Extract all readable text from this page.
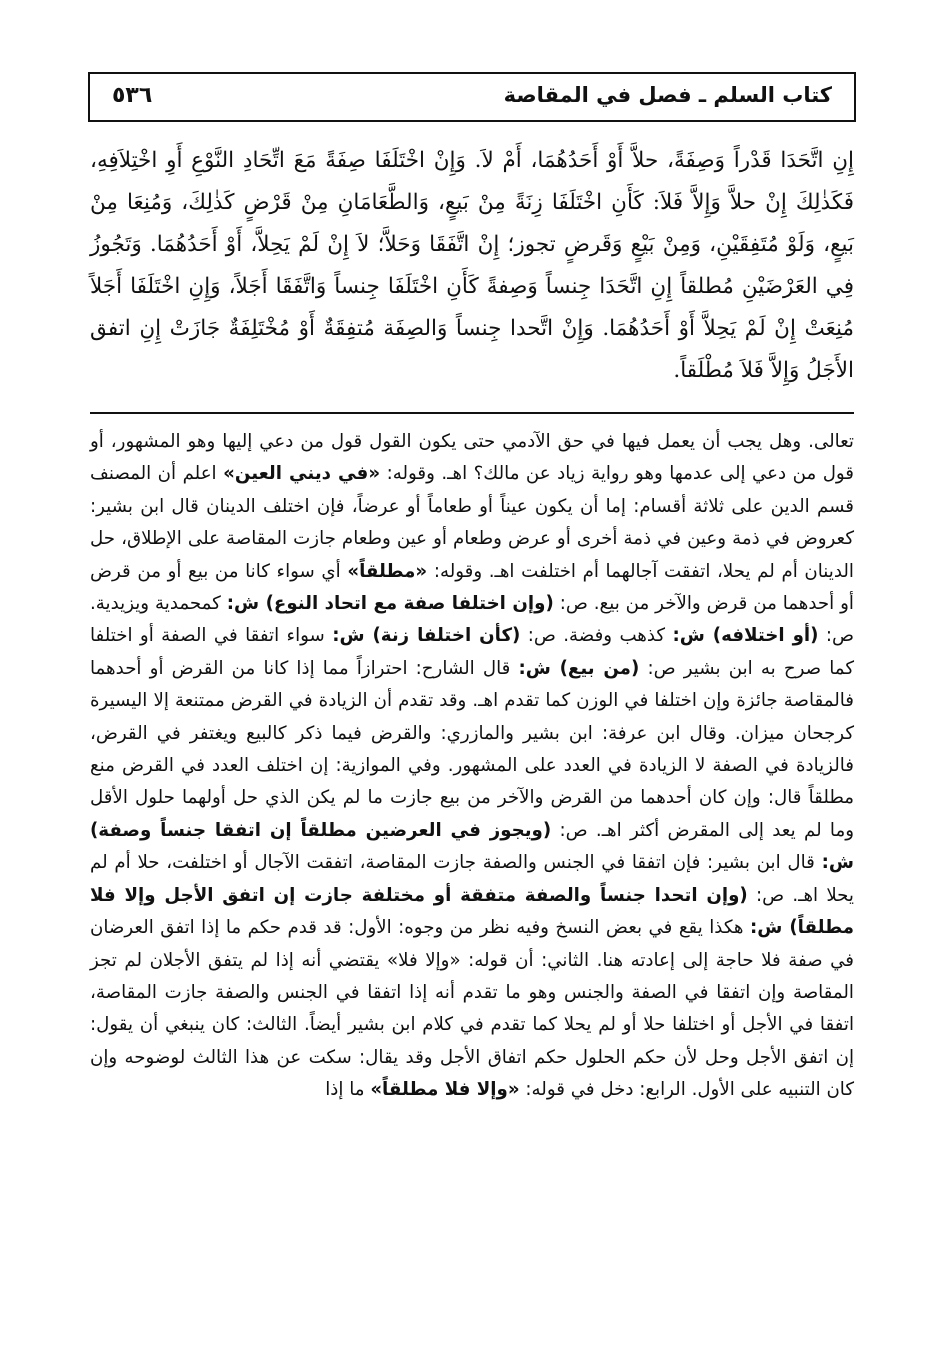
كتاب السلم ـ فصل في المقاصة
٥٣٦

إِنِ اتَّحَدَا قَدْراً وَصِفَةً، حلاَّ أَوْ أَحَدُهُمَا، أَمْ لاَ. وَإِنْ اخْتَلَفَا صِفَةً مَعَ اتِّحَادِ النَّوْعِ أَوِ اخْتِلاَفِهِ، فَكَذٰلِكَ إِنْ حلاَّ وَإِلاَّ فَلاَ: كَأَنِ اخْتَلَفَا زِنَةً مِنْ بَيعٍ، وَالطَّعَامَانِ مِنْ قَرْضٍ كَذٰلِكَ، وَمُنِعَا مِنْ بَيعٍ، وَلَوْ مُتَفِقَيْنِ، وَمِنْ بَيْعٍ وَقَرضٍ تجوز؛ إِنْ اتَّفَقَا وَحَلاَّ؛ لاَ إِنْ لَمْ يَحِلاَّ، أَوْ أَحَدُهُمَا. وَتَجُوزُ فِي العَرْضَيْنِ مُطلقاً إِنِ اتَّحَدَا جِنساً وَصِفةً كَأَنِ اخْتَلَفَا جِنساً وَاتَّفَقَا أَجَلاً، وَإِنِ اخْتَلَفَا أَجَلاً مُنِعَتْ إِنْ لَمْ يَحِلاَّ أَوْ أَحَدُهُمَا. وَإِنْ اتَّحدا جِنساً وَالصِفَة مُتفِقَةٌ أَوْ مُخْتَلِفَةٌ جَازَتْ إِنِ اتفق الأَجَلُ وَإِلاَّ فَلاَ مُطْلَقاً.

تعالى. وهل يجب أن يعمل فيها في حق الآدمي حتى يكون القول قول من دعي إليها وهو المشهور، أو قول من دعي إلى عدمها وهو رواية زياد عن مالك؟ اهـ. وقوله: «في ديني العين» اعلم أن المصنف قسم الدين على ثلاثة أقسام: إما أن يكون عيناً أو طعاماً أو عرضاً، فإن اختلف الدينان قال ابن بشير: كعروض في ذمة وعين في ذمة أخرى أو عرض وطعام أو عين وطعام جازت المقاصة على الإطلاق، حل الدينان أم لم يحلا، اتفقت آجالهما أم اختلفت اهـ. وقوله: «مطلقاً» أي سواء كانا من بيع أو من قرض أو أحدهما من قرض والآخر من بيع. ص: (وإن اختلفا صفة مع اتحاد النوع) ش: كمحمدية ويزيدية. ص: (أو اختلافه) ش: كذهب وفضة. ص: (كأن اختلفا زنة) ش: سواء اتفقا في الصفة أو اختلفا كما صرح به ابن بشير ص: (من بيع) ش: قال الشارح: احترازاً مما إذا كانا من القرض أو أحدهما فالمقاصة جائزة وإن اختلفا في الوزن كما تقدم اهـ. وقد تقدم أن الزيادة في القرض ممتنعة إلا اليسيرة كرجحان ميزان. وقال ابن عرفة: ابن بشير والمازري: والقرض فيما ذكر كالبيع ويغتفر في القرض، فالزيادة في الصفة لا الزيادة في العدد على المشهور. وفي الموازية: إن اختلف العدد في القرض منع مطلقاً قال: وإن كان أحدهما من القرض والآخر من بيع جازت ما لم يكن الذي حل أولهما حلول الأقل وما لم يعد إلى المقرض أكثر اهـ. ص: (ويجوز في العرضين مطلقاً إن اتفقا جنساً وصفة) ش: قال ابن بشير: فإن اتفقا في الجنس والصفة جازت المقاصة، اتفقت الآجال أو اختلفت، حلا أم لم يحلا اهـ. ص: (وإن اتحدا جنساً والصفة متفقة أو مختلفة جازت إن اتفق الأجل وإلا فلا مطلقاً) ش: هكذا يقع في بعض النسخ وفيه نظر من وجوه: الأول: قد قدم حكم ما إذا اتفق العرضان في صفة فلا حاجة إلى إعادته هنا. الثاني: أن قوله: «وإلا فلا» يقتضي أنه إذا لم يتفق الأجلان لم تجز المقاصة وإن اتفقا في الصفة والجنس وهو ما تقدم أنه إذا اتفقا في الجنس والصفة جازت المقاصة، اتفقا في الأجل أو اختلفا حلا أو لم يحلا كما تقدم في كلام ابن بشير أيضاً. الثالث: كان ينبغي أن يقول: إن اتفق الأجل وحل لأن حكم الحلول حكم اتفاق الأجل وقد يقال: سكت عن هذا الثالث لوضوحه وإن كان التنبيه على الأول. الرابع: دخل في قوله: «وإلا فلا مطلقاً» ما إذا
